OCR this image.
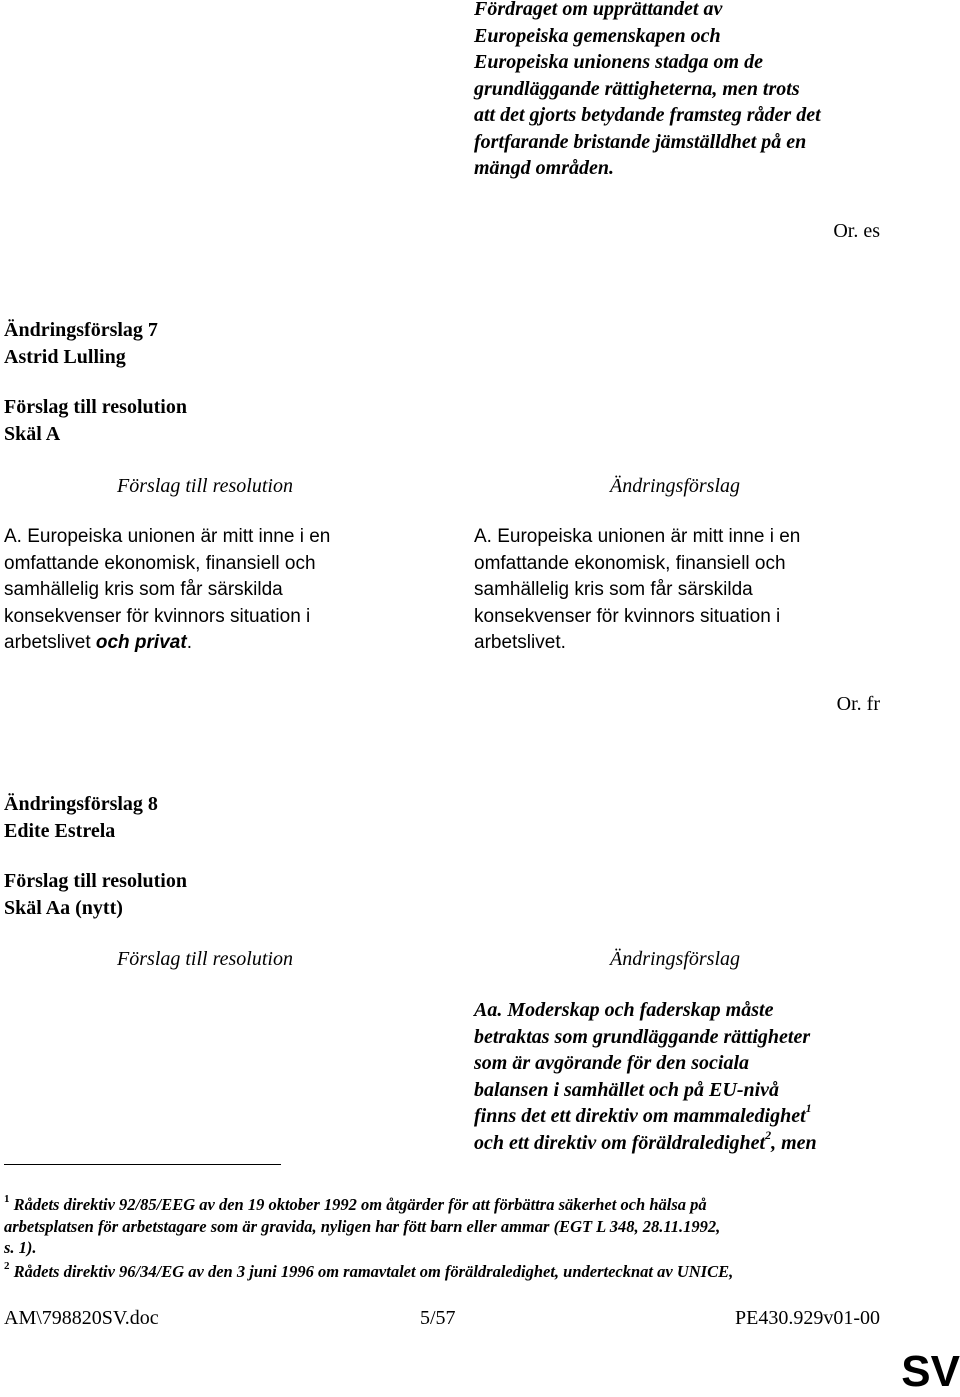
Fördraget om upprättandet av
Europeiska gemenskapen och
Europeiska unionens stadga om de
grundläggande rättigheterna, men trots
att det gjorts betydande framsteg råder det
fortfarande bristande jämställdhet på en
mängd områden.
Or. es
Ändringsförslag 7
Astrid Lulling
Förslag till resolution
Skäl A
Förslag till resolution	Ändringsförslag
A. Europeiska unionen är mitt inne i en
omfattande ekonomisk, finansiell och
samhällelig kris som får särskilda
konsekvenser för kvinnors situation i
arbetslivet och privat.
A. Europeiska unionen är mitt inne i en
omfattande ekonomisk, finansiell och
samhällelig kris som får särskilda
konsekvenser för kvinnors situation i
arbetslivet.
Or. fr
Ändringsförslag 8
Edite Estrela
Förslag till resolution
Skäl Aa (nytt)
Förslag till resolution	Ändringsförslag
Aa. Moderskap och faderskap måste
betraktas som grundläggande rättigheter
som är avgörande för den sociala
balansen i samhället och på EU-nivå
finns det ett direktiv om mammaledighet$^1$
och ett direktiv om föräldraledighet$^2$, men
$^1$ Rådets direktiv 92/85/EEG av den 19 oktober 1992 om åtgärder för att förbättra säkerhet och hälsa på
arbetsplatsen för arbetstagare som är gravida, nyligen har fött barn eller ammar (EGT L 348, 28.11.1992,
s. 1).
$^2$ Rådets direktiv 96/34/EG av den 3 juni 1996 om ramavtalet om föräldraledighet, undertecknat av UNICE,
AM\798820SV.doc	5/57	PE430.929v01-00
SV
